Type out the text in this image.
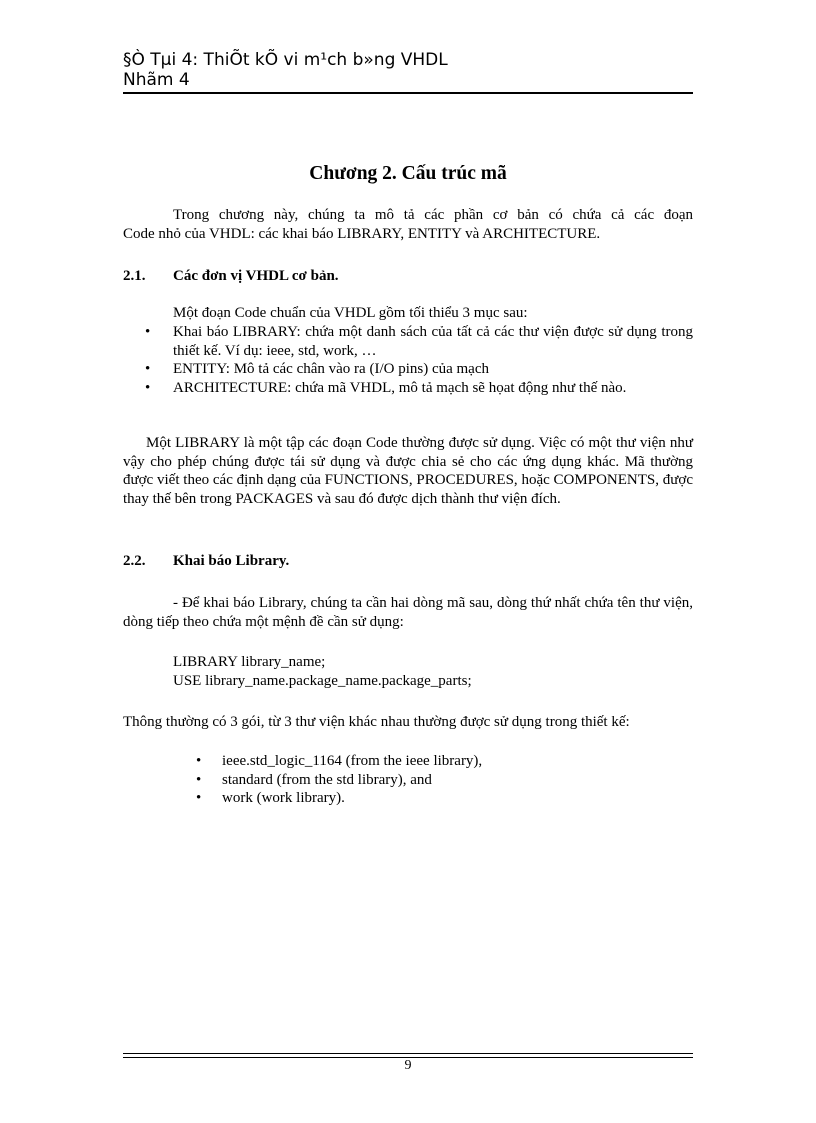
§Ò Tµi 4: ThiÕt kÕ vi m¹ch b»ng VHDL
Nhãm 4
Chương 2. Cấu trúc mã
Trong chương này, chúng ta mô tả các phần cơ bản có chứa cả các đoạn
Code nhỏ của VHDL: các khai báo LIBRARY, ENTITY và ARCHITECTURE.
2.1. Các đơn vị VHDL cơ bản.
Một đoạn Code chuẩn của VHDL gồm tối thiểu 3 mục sau:
•	Khai báo LIBRARY: chứa một danh sách của tất cả các thư viện được sử dụng trong thiết kế. Ví dụ: ieee, std, work, …
•	ENTITY: Mô tả các chân vào ra (I/O pins) của mạch
•	ARCHITECTURE: chứa mã VHDL, mô tả mạch sẽ họat động như thế nào.
Một LIBRARY là một tập các đoạn Code thường được sử dụng. Việc có một thư viện như vậy cho phép chúng được tái sử dụng và được chia sẻ cho các ứng dụng khác. Mã thường được viết theo các định dạng của FUNCTIONS, PROCEDURES, hoặc COMPONENTS, được thay thế bên trong PACKAGES và sau đó được dịch thành thư viện đích.
2.2. Khai báo Library.
- Để khai báo Library, chúng ta cần hai dòng mã sau, dòng thứ nhất chứa tên thư viện, dòng tiếp theo chứa một mệnh đề cần sử dụng:
LIBRARY library_name;
USE library_name.package_name.package_parts;
Thông thường có 3 gói, từ 3 thư viện khác nhau thường được sử dụng trong thiết kế:
•	ieee.std_logic_1164 (from the ieee library),
•	standard (from the std library), and
•	work (work library).
9
